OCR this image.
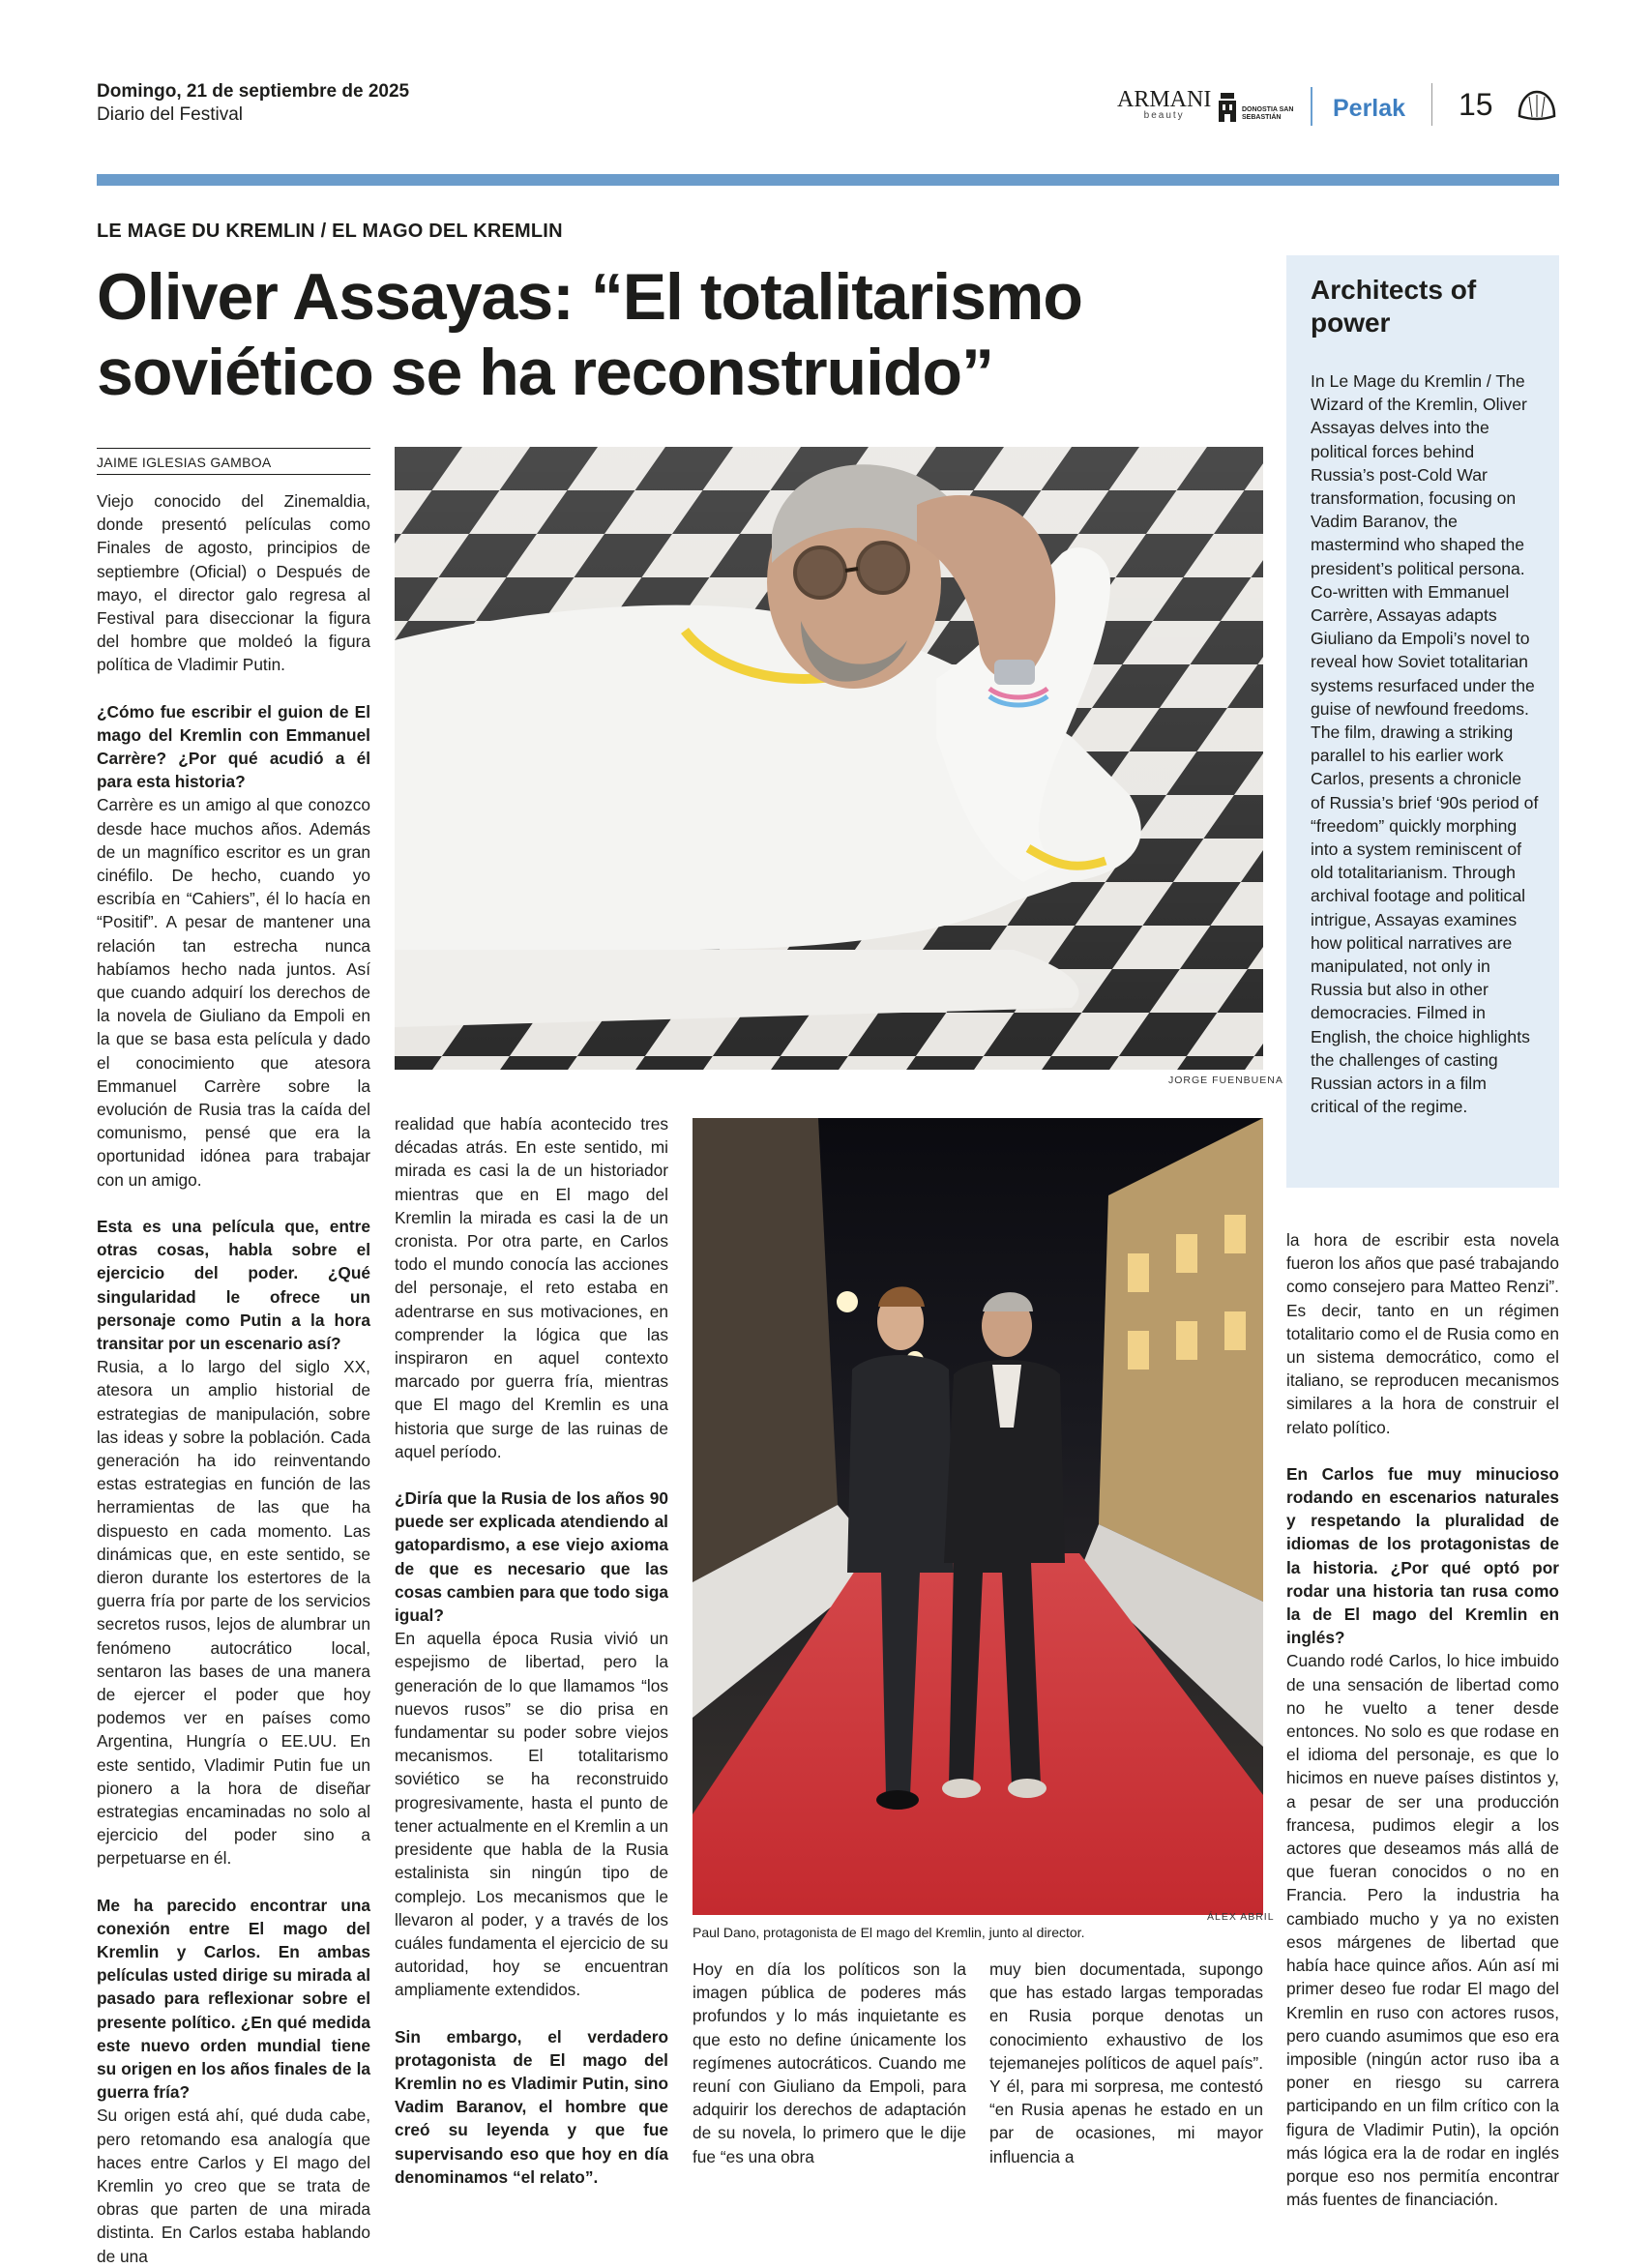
Domingo, 21 de septiembre de 2025
Diario del Festival
ARMANI
beauty
DONOSTIA SAN SEBASTIÁN	Perlak 15
LE MAGE DU KREMLIN / EL MAGO DEL KREMLIN
Oliver Assayas: “El totalitarismo soviético se ha reconstruido”
JAIME IGLESIAS GAMBOA

Viejo conocido del Zinemaldia, donde presentó películas como Finales de agosto, principios de septiembre (Oficial) o Después de mayo, el director galo regresa al Festival para diseccionar la figura del hombre que moldeó la figura política de Vladimir Putin.

¿Cómo fue escribir el guion de El mago del Kremlin con Emmanuel Carrère? ¿Por qué acudió a él para esta historia?

Carrère es un amigo al que conozco desde hace muchos años. Además de un magnífico escritor es un gran cinéfilo. De hecho, cuando yo escribía en “Cahiers”, él lo hacía en “Positif”. A pesar de mantener una relación tan estrecha nunca habíamos hecho nada juntos. Así que cuando adquirí los derechos de la novela de Giuliano da Empoli en la que se basa esta película y dado el conocimiento que atesora Emmanuel Carrère sobre la evolución de Rusia tras la caída del comunismo, pensé que era la oportunidad idónea para trabajar con un amigo.

Esta es una película que, entre otras cosas, habla sobre el ejercicio del poder. ¿Qué singularidad le ofrece un personaje como Putin a la hora transitar por un escenario así?

Rusia, a lo largo del siglo XX, atesora un amplio historial de estrategias de manipulación, sobre las ideas y sobre la población. Cada generación ha ido reinventando estas estrategias en función de las herramientas de las que ha dispuesto en cada momento. Las dinámicas que, en este sentido, se dieron durante los estertores de la guerra fría por parte de los servicios secretos rusos, lejos de alumbrar un fenómeno autocrático local, sentaron las bases de una manera de ejercer el poder que hoy podemos ver en países como Argentina, Hungría o EE.UU. En este sentido, Vladimir Putin fue un pionero a la hora de diseñar estrategias encaminadas no solo al ejercicio del poder sino a perpetuarse en él.

Me ha parecido encontrar una conexión entre El mago del Kremlin y Carlos. En ambas películas usted dirige su mirada al pasado para reflexionar sobre el presente político. ¿En qué medida este nuevo orden mundial tiene su origen en los años finales de la guerra fría?

Su origen está ahí, qué duda cabe, pero retomando esa analogía que haces entre Carlos y El mago del Kremlin yo creo que se trata de obras que parten de una mirada distinta. En Carlos estaba hablando de una

JORGE FUENBUENA
Architects of power
In Le Mage du Kremlin / The Wizard of the Kremlin, Oliver Assayas delves into the political forces behind Russia’s post-Cold War transformation, focusing on Vadim Baranov, the mastermind who shaped the president’s political persona. Co-written with Emmanuel Carrère, Assayas adapts Giuliano da Empoli’s novel to reveal how Soviet totalitarian systems resurfaced under the guise of newfound freedoms. The film, drawing a striking parallel to his earlier work Carlos, presents a chronicle of Russia’s brief ‘90s period of “freedom” quickly morphing into a system reminiscent of old totalitarianism. Through archival footage and political intrigue, Assayas examines how political narratives are manipulated, not only in Russia but also in other democracies. Filmed in English, the choice highlights the challenges of casting Russian actors in a film critical of the regime.

realidad que había acontecido tres décadas atrás. En este sentido, mi mirada es casi la de un historiador mientras que en El mago del Kremlin la mirada es casi la de un cronista. Por otra parte, en Carlos todo el mundo conocía las acciones del personaje, el reto estaba en adentrarse en sus motivaciones, en comprender la lógica que las inspiraron en aquel contexto marcado por guerra fría, mientras que El mago del Kremlin es una historia que surge de las ruinas de aquel período.

¿Diría que la Rusia de los años 90 puede ser explicada atendiendo al gatopardismo, a ese viejo axioma de que es necesario que las cosas cambien para que todo siga igual?

En aquella época Rusia vivió un espejismo de libertad, pero la generación de lo que llamamos “los nuevos rusos” se dio prisa en fundamentar su poder sobre viejos mecanismos. El totalitarismo soviético se ha reconstruido progresivamente, hasta el punto de tener actualmente en el Kremlin a un presidente que habla de la Rusia estalinista sin ningún tipo de complejo. Los mecanismos que le llevaron al poder, y a través de los cuáles fundamenta el ejercicio de su autoridad, hoy se encuentran ampliamente extendidos.

Sin embargo, el verdadero protagonista de El mago del Kremlin no es Vladimir Putin, sino Vadim Baranov, el hombre que creó su leyenda y que fue supervisando eso que hoy en día denominamos “el relato”.

ÁLEX ABRIL
Paul Dano, protagonista de El mago del Kremlin, junto al director.

Hoy en día los políticos son la imagen pública de poderes más profundos y lo más inquietante es que esto no define únicamente los regímenes autocráticos. Cuando me reuní con Giuliano da Empoli, para adquirir los derechos de adaptación de su novela, lo primero que le dije fue “es una obra

muy bien documentada, supongo que has estado largas temporadas en Rusia porque denotas un conocimiento exhaustivo de los tejemanejes políticos de aquel país”. Y él, para mi sorpresa, me contestó “en Rusia apenas he estado en un par de ocasiones, mi mayor influencia a

la hora de escribir esta novela fueron los años que pasé trabajando como consejero para Matteo Renzi”. Es decir, tanto en un régimen totalitario como el de Rusia como en un sistema democrático, como el italiano, se reproducen mecanismos similares a la hora de construir el relato político.

En Carlos fue muy minucioso rodando en escenarios naturales y respetando la pluralidad de idiomas de los protagonistas de la historia. ¿Por qué optó por rodar una historia tan rusa como la de El mago del Kremlin en inglés?

Cuando rodé Carlos, lo hice imbuido de una sensación de libertad como no he vuelto a tener desde entonces. No solo es que rodase en el idioma del personaje, es que lo hicimos en nueve países distintos y, a pesar de ser una producción francesa, pudimos elegir a los actores que deseamos más allá de que fueran conocidos o no en Francia. Pero la industria ha cambiado mucho y ya no existen esos márgenes de libertad que había hace quince años. Aún así mi primer deseo fue rodar El mago del Kremlin en ruso con actores rusos, pero cuando asumimos que eso era imposible (ningún actor ruso iba a poner en riesgo su carrera participando en un film crítico con la figura de Vladimir Putin), la opción más lógica era la de rodar en inglés porque eso nos permitía encontrar más fuentes de financiación.
